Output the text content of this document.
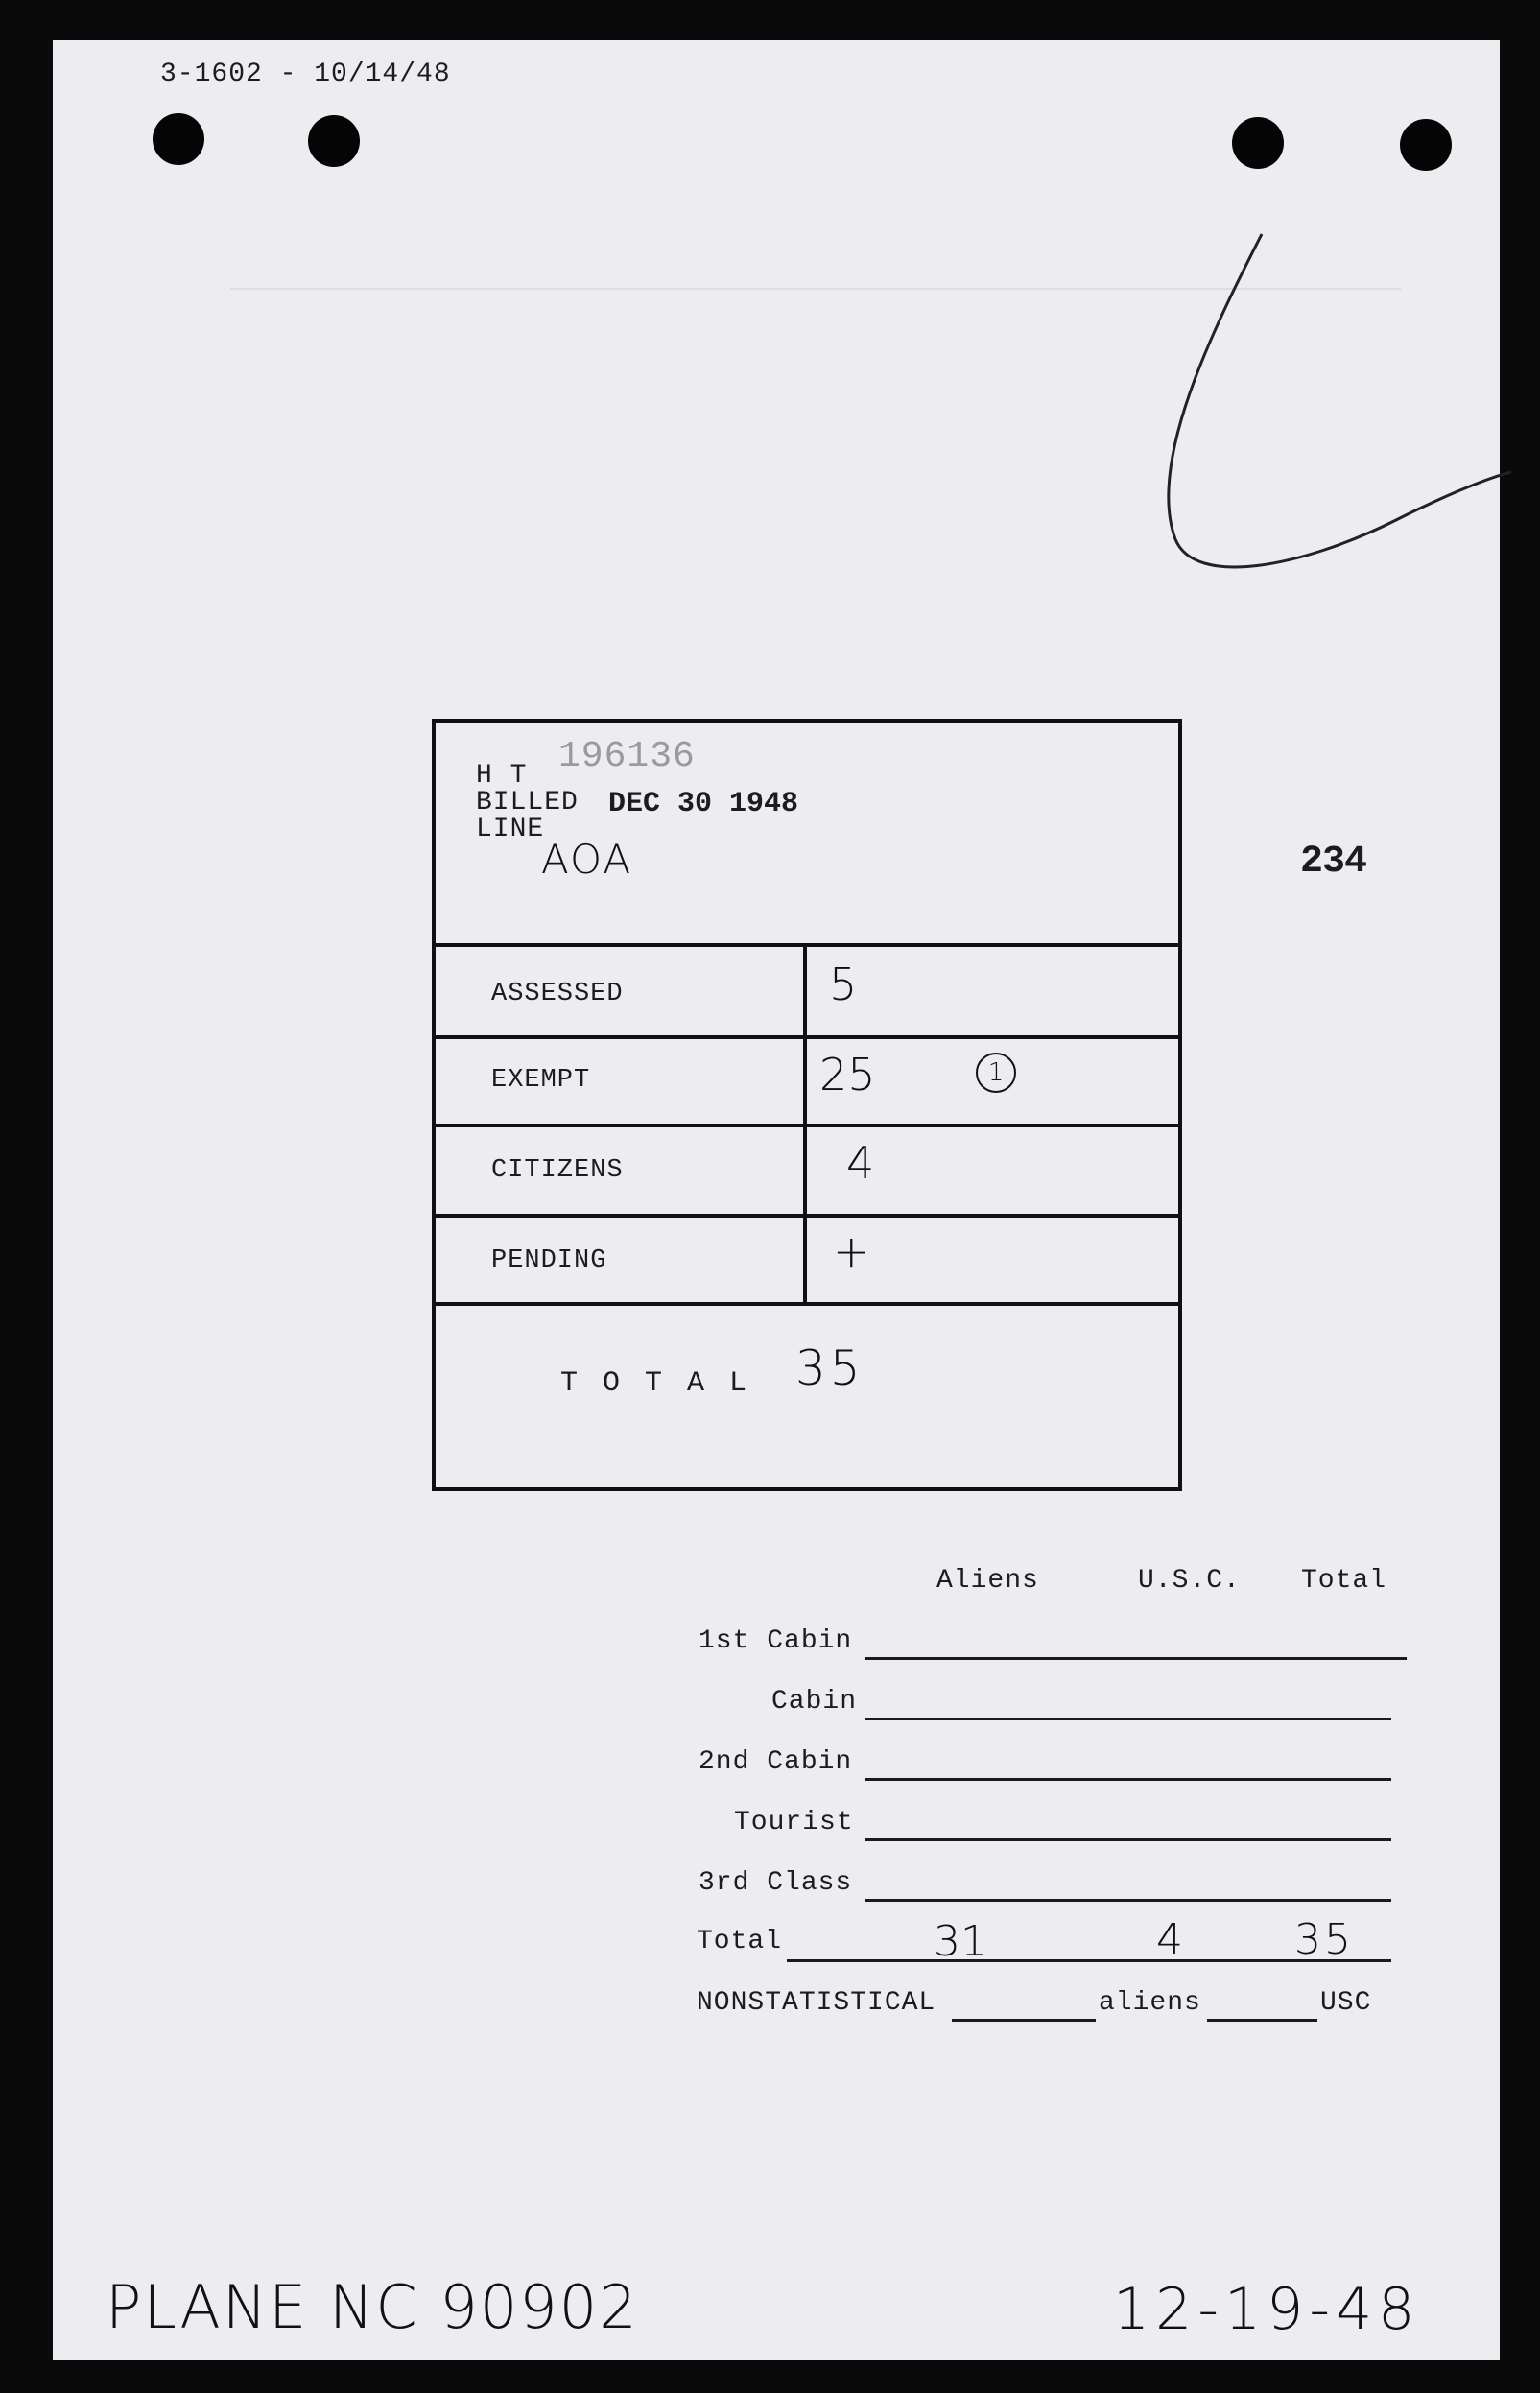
3-1602 - 10/14/48
234
H T 196136
BILLED DEC 30 1948
LINE
AOA
ASSESSED	5
EXEMPT	25	1
CITIZENS	4
PENDING	+
T O T A L 35
Aliens	U.S.C. Total
1st Cabin
Cabin
2nd Cabin
Tourist
3rd Class
Total	31	4	35
NONSTATISTICAL	aliens	USC
PLANE NC 90902	12-19-48
